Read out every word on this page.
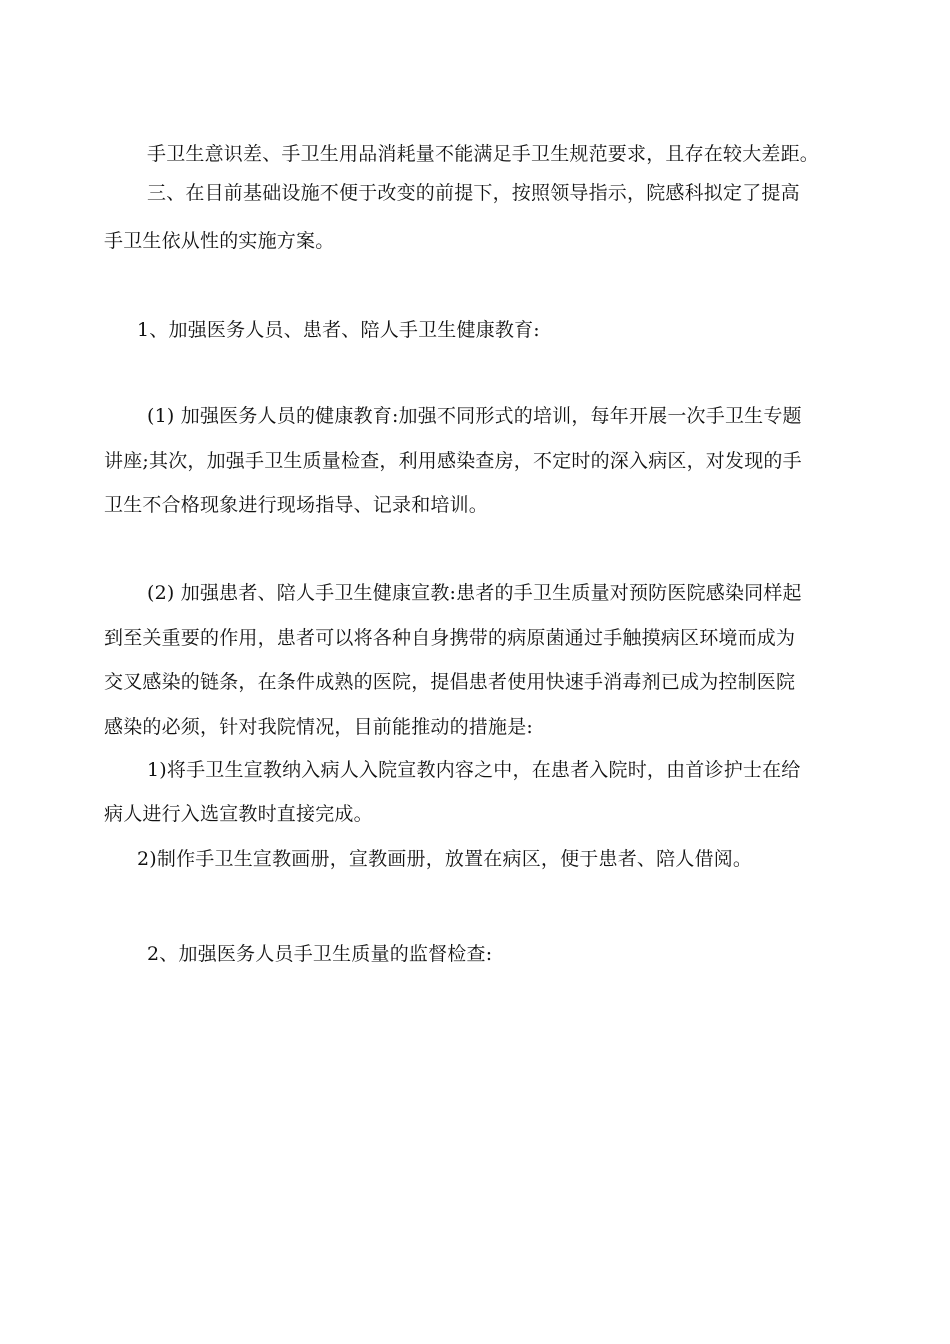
手卫生意识差、手卫生用品消耗量不能满足手卫生规范要求，且存在较大差距。
三、在目前基础设施不便于改变的前提下，按照领导指示，院感科拟定了提高
手卫生依从性的实施方案。
1、加强医务人员、患者、陪人手卫生健康教育:
(1) 加强医务人员的健康教育:加强不同形式的培训，每年开展一次手卫生专题
讲座;其次，加强手卫生质量检查，利用感染查房，不定时的深入病区，对发现的手
卫生不合格现象进行现场指导、记录和培训。
(2) 加强患者、陪人手卫生健康宣教:患者的手卫生质量对预防医院感染同样起
到至关重要的作用，患者可以将各种自身携带的病原菌通过手触摸病区环境而成为
交叉感染的链条，在条件成熟的医院，提倡患者使用快速手消毒剂已成为控制医院
感染的必须，针对我院情况，目前能推动的措施是:
1)将手卫生宣教纳入病人入院宣教内容之中，在患者入院时，由首诊护士在给
病人进行入选宣教时直接完成。
2)制作手卫生宣教画册，宣教画册，放置在病区，便于患者、陪人借阅。
2、加强医务人员手卫生质量的监督检查:
